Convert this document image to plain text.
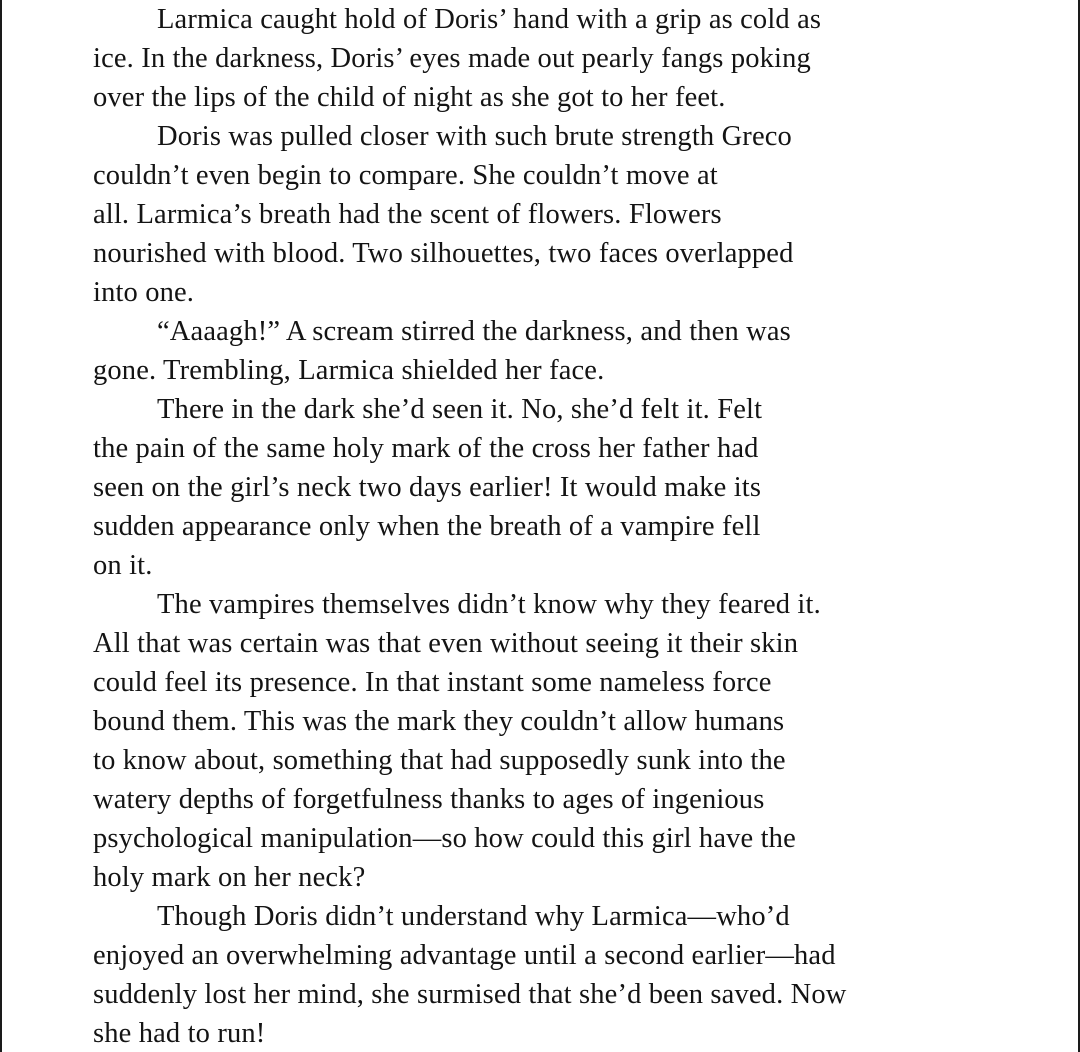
Larmica caught hold of Doris’ hand with a grip as cold as
ice. In the darkness, Doris’ eyes made out pearly fangs poking
over the lips of the child of night as she got to her feet.
Doris was pulled closer with such brute strength Greco
couldn’t even begin to compare. She couldn’t move at
all. Larmica’s breath had the scent of flowers. Flowers
nourished with blood. Two silhouettes, two faces overlapped
into one.
“Aaaagh!” A scream stirred the darkness, and then was
gone. Trembling, Larmica shielded her face.
There in the dark she’d seen it. No, she’d felt it. Felt
the pain of the same holy mark of the cross her father had
seen on the girl’s neck two days earlier! It would make its
sudden appearance only when the breath of a vampire fell
on it.
The vampires themselves didn’t know why they feared it.
All that was certain was that even without seeing it their skin
could feel its presence. In that instant some nameless force
bound them. This was the mark they couldn’t allow humans
to know about, something that had supposedly sunk into the
watery depths of forgetfulness thanks to ages of ingenious
psychological manipulation—so how could this girl have the
holy mark on her neck?
Though Doris didn’t understand why Larmica—who’d
enjoyed an overwhelming advantage until a second earlier—had
suddenly lost her mind, she surmised that she’d been saved. Now
she had to run!
